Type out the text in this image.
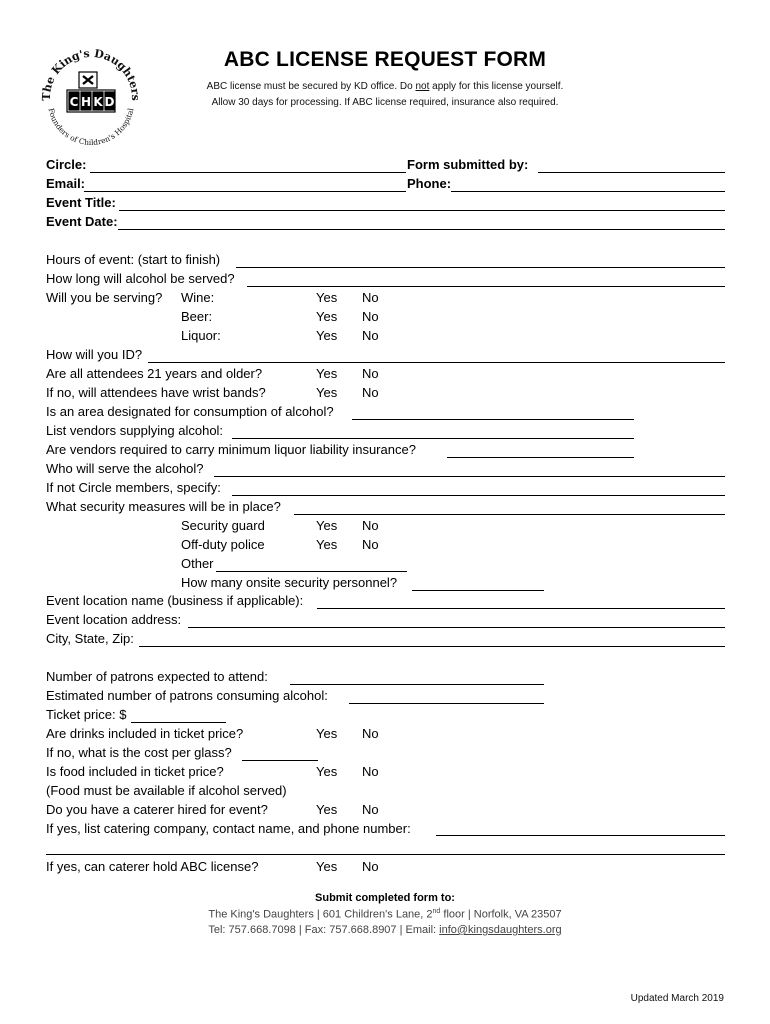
The King's Daughters
Founders of Children's Hospital
C H K D
ABC LICENSE REQUEST FORM
ABC license must be secured by KD office. Do not apply for this license yourself.
Allow 30 days for processing. If ABC license required, insurance also required.
Circle:	Form submitted by:
Email:	Phone:
Event Title:
Event Date:
Hours of event: (start to finish)
How long will alcohol be served?
Will you be serving? Wine:	Yes No
Beer:	Yes No
Liquor:	Yes No
How will you ID?
Are all attendees 21 years and older?	Yes No
If no, will attendees have wrist bands?	Yes No
Is an area designated for consumption of alcohol?
List vendors supplying alcohol:
Are vendors required to carry minimum liquor liability insurance?
Who will serve the alcohol?
If not Circle members, specify:
What security measures will be in place?
Security guard	Yes No
Off-duty police	Yes No
Other
How many onsite security personnel?
Event location name (business if applicable):
Event location address:
City, State, Zip:
Number of patrons expected to attend:
Estimated number of patrons consuming alcohol:
Ticket price: $
Are drinks included in ticket price?	Yes No
If no, what is the cost per glass?
Is food included in ticket price?	Yes No
(Food must be available if alcohol served)
Do you have a caterer hired for event?	Yes No
If yes, list catering company, contact name, and phone number:
If yes, can caterer hold ABC license?	Yes No
Submit completed form to:
The King's Daughters | 601 Children's Lane, 2nd floor | Norfolk, VA 23507
Tel: 757.668.7098 | Fax: 757.668.8907 | Email: info@kingsdaughters.org
Updated March 2019
